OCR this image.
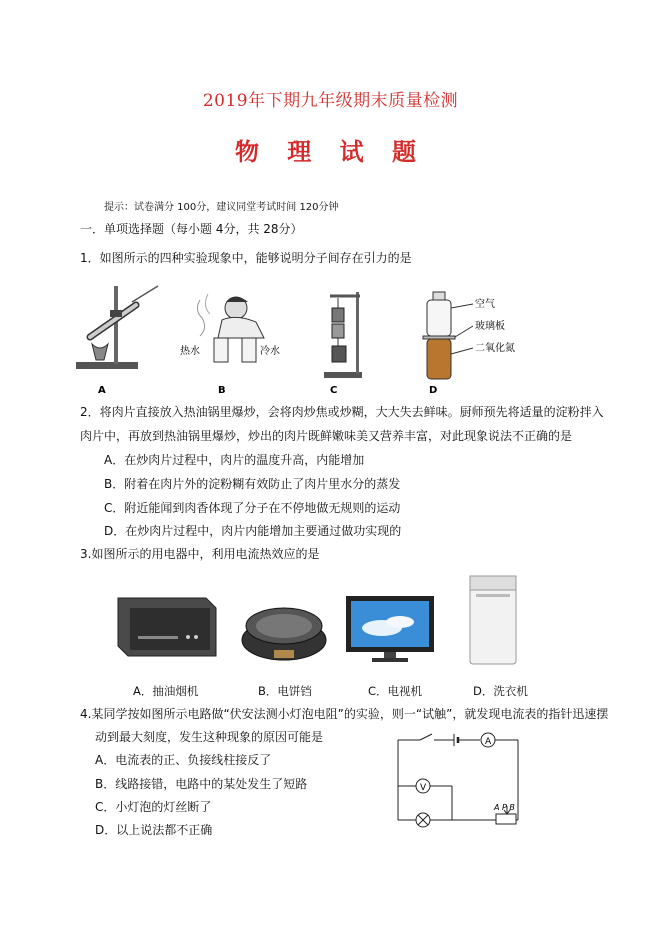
2019年下期九年级期末质量检测
物 理 试 题
提示：试卷满分 100分，建议同堂考试时间 120分钟
一．单项选择题（每小题 4分，共 28分）
1．如图所示的四种实验现象中，能够说明分子间存在引力的是
A
热水	冷水
B	C
空气
玻璃板
二氧化氮
D
2．将肉片直接放入热油锅里爆炒，会将肉炒焦或炒糊，大大失去鲜味。厨师预先将适量的淀粉拌入
肉片中，再放到热油锅里爆炒，炒出的肉片既鲜嫩味美又营养丰富，对此现象说法不正确的是
A．在炒肉片过程中，肉片的温度升高，内能增加
B．附着在肉片外的淀粉糊有效防止了肉片里水分的蒸发
C．附近能闻到肉香体现了分子在不停地做无规则的运动
D．在炒肉片过程中，肉片内能增加主要通过做功实现的
3.如图所示的用电器中，利用电流热效应的是
A．抽油烟机	B．电饼铛	C．电视机	D．洗衣机
4.某同学按如图所示电路做“伏安法测小灯泡电阻”的实验，则一“试触”，就发现电流表的指针迅速摆
动到最大刻度，发生这种现象的原因可能是
A．电流表的正、负接线柱接反了
B．线路接错，电路中的某处发生了短路
C．小灯泡的灯丝断了
D．以上说法都不正确
A
V
A P B
